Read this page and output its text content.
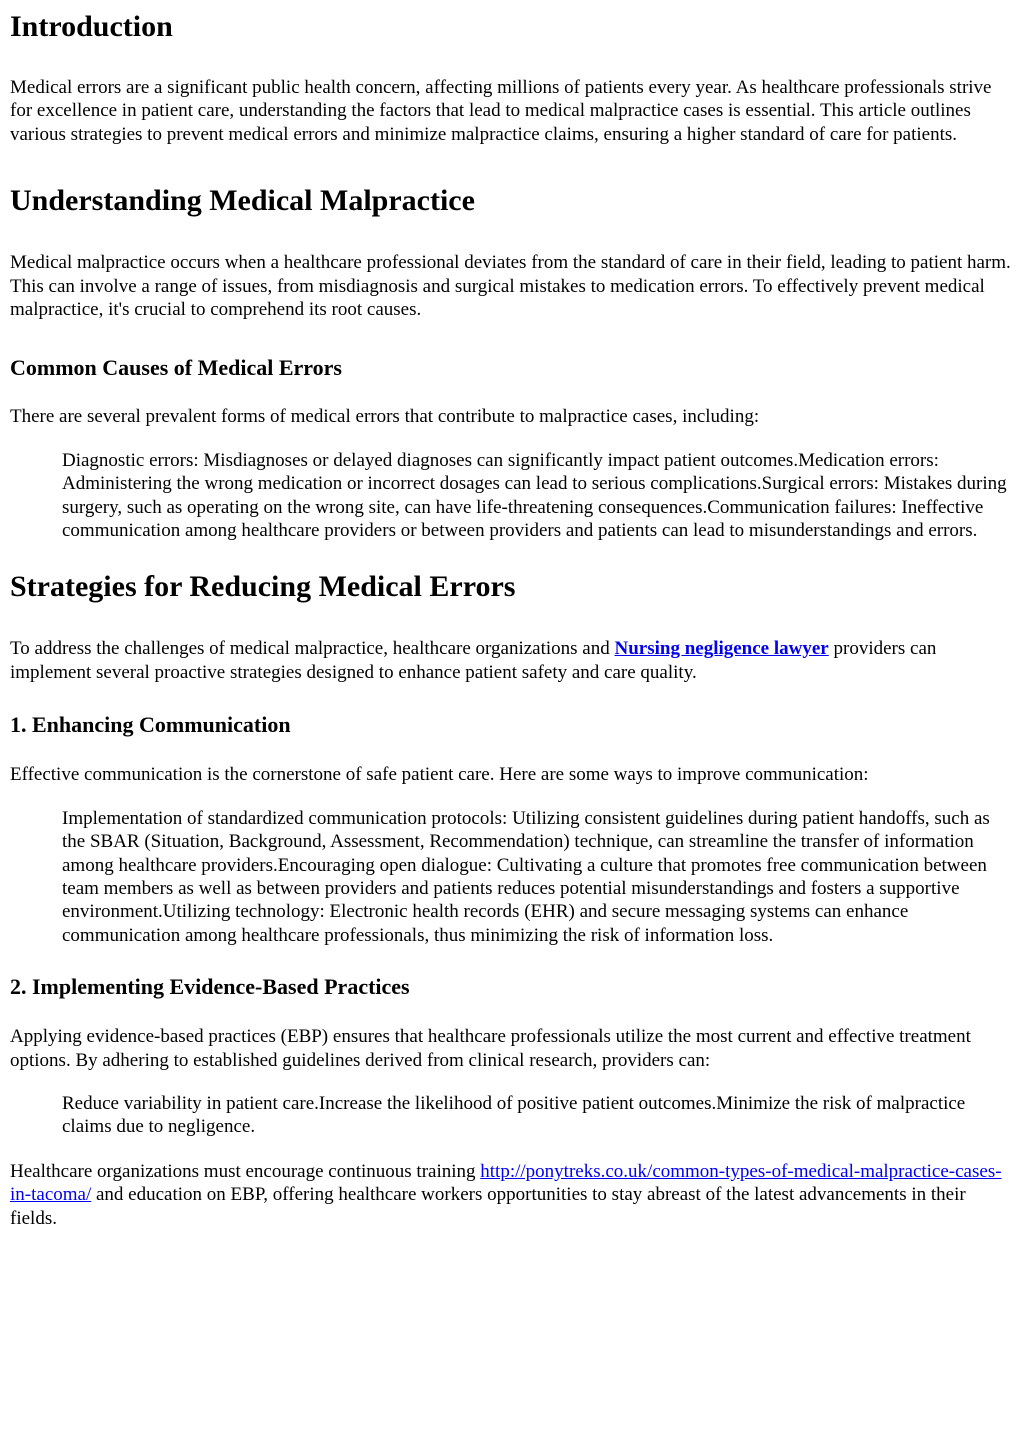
Introduction

Medical errors are a significant public health concern, affecting millions of patients every year. As healthcare professionals strive for excellence in patient care, understanding the factors that lead to medical malpractice cases is essential. This article outlines various strategies to prevent medical errors and minimize malpractice claims, ensuring a higher standard of care for patients.

Understanding Medical Malpractice

Medical malpractice occurs when a healthcare professional deviates from the standard of care in their field, leading to patient harm. This can involve a range of issues, from misdiagnosis and surgical mistakes to medication errors. To effectively prevent medical malpractice, it's crucial to comprehend its root causes.

Common Causes of Medical Errors

There are several prevalent forms of medical errors that contribute to malpractice cases, including:

Diagnostic errors: Misdiagnoses or delayed diagnoses can significantly impact patient outcomes.Medication errors: Administering the wrong medication or incorrect dosages can lead to serious complications.Surgical errors: Mistakes during surgery, such as operating on the wrong site, can have life-threatening consequences.Communication failures: Ineffective communication among healthcare providers or between providers and patients can lead to misunderstandings and errors.
Strategies for Reducing Medical Errors

To address the challenges of medical malpractice, healthcare organizations and Nursing negligence lawyer providers can implement several proactive strategies designed to enhance patient safety and care quality.

1. Enhancing Communication

Effective communication is the cornerstone of safe patient care. Here are some ways to improve communication:

Implementation of standardized communication protocols: Utilizing consistent guidelines during patient handoffs, such as the SBAR (Situation, Background, Assessment, Recommendation) technique, can streamline the transfer of information among healthcare providers.Encouraging open dialogue: Cultivating a culture that promotes free communication between team members as well as between providers and patients reduces potential misunderstandings and fosters a supportive environment.Utilizing technology: Electronic health records (EHR) and secure messaging systems can enhance communication among healthcare professionals, thus minimizing the risk of information loss.
2. Implementing Evidence-Based Practices

Applying evidence-based practices (EBP) ensures that healthcare professionals utilize the most current and effective treatment options. By adhering to established guidelines derived from clinical research, providers can:

Reduce variability in patient care.Increase the likelihood of positive patient outcomes.Minimize the risk of malpractice claims due to negligence.

Healthcare organizations must encourage continuous training http://ponytreks.co.uk/common-types-of-medical-malpractice-cases-in-tacoma/ and education on EBP, offering healthcare workers opportunities to stay abreast of the latest advancements in their fields.
